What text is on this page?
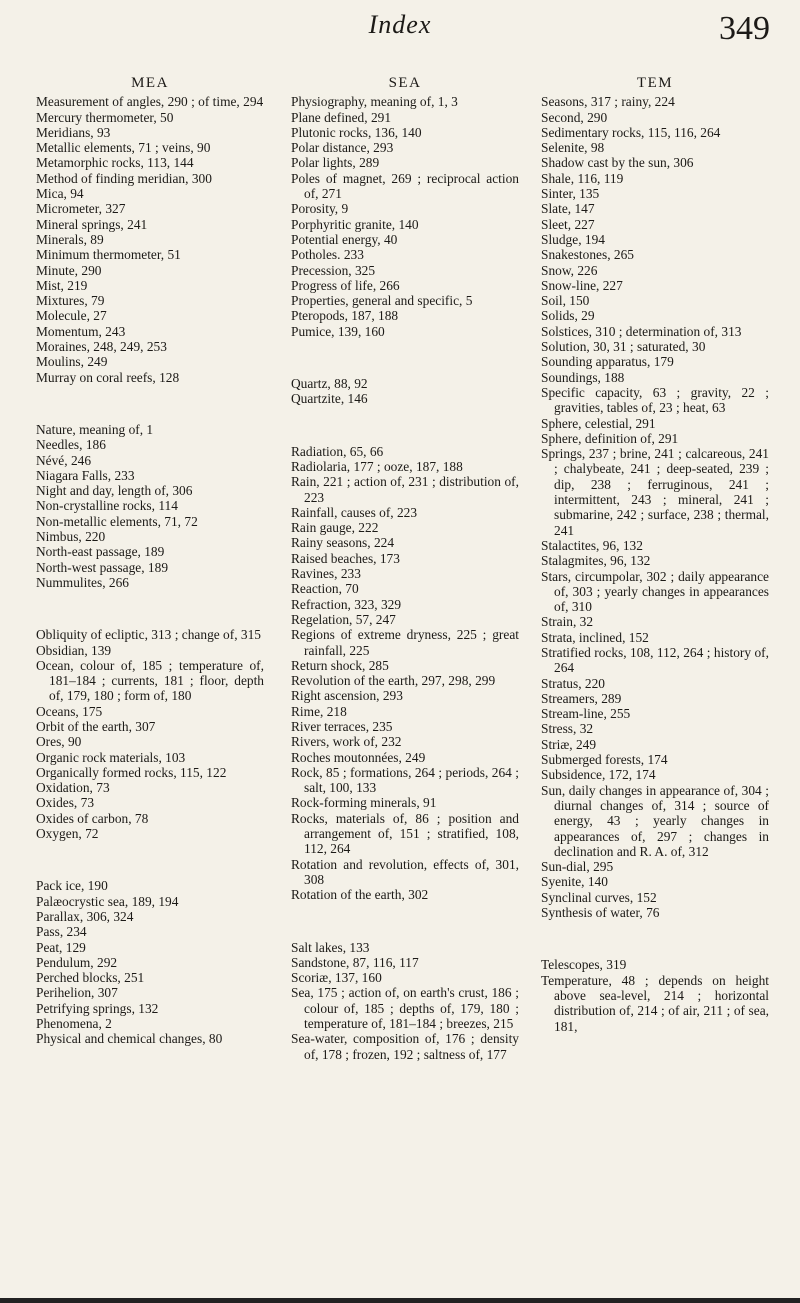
Index	349
MEA
Measurement of angles, 290 ; of time, 294
Mercury thermometer, 50
Meridians, 93
Metallic elements, 71 ; veins, 90
Metamorphic rocks, 113, 144
Method of finding meridian, 300
Mica, 94
Micrometer, 327
Mineral springs, 241
Minerals, 89
Minimum thermometer, 51
Minute, 290
Mist, 219
Mixtures, 79
Molecule, 27
Momentum, 243
Moraines, 248, 249, 253
Moulins, 249
Murray on coral reefs, 128
Nature, meaning of, 1
Needles, 186
Névé, 246
Niagara Falls, 233
Night and day, length of, 306
Non-crystalline rocks, 114
Non-metallic elements, 71, 72
Nimbus, 220
North-east passage, 189
North-west passage, 189
Nummulites, 266
Obliquity of ecliptic, 313 ; change of, 315
Obsidian, 139
Ocean, colour of, 185 ; temperature of, 181–184 ; currents, 181 ; floor, depth of, 179, 180 ; form of, 180
Oceans, 175
Orbit of the earth, 307
Ores, 90
Organic rock materials, 103
Organically formed rocks, 115, 122
Oxidation, 73
Oxides, 73
Oxides of carbon, 78
Oxygen, 72
Pack ice, 190
Palæocrystic sea, 189, 194
Parallax, 306, 324
Pass, 234
Peat, 129
Pendulum, 292
Perched blocks, 251
Perihelion, 307
Petrifying springs, 132
Phenomena, 2
Physical and chemical changes, 80
SEA
Physiography, meaning of, 1, 3
Plane defined, 291
Plutonic rocks, 136, 140
Polar distance, 293
Polar lights, 289
Poles of magnet, 269 ; reciprocal action of, 271
Porosity, 9
Porphyritic granite, 140
Potential energy, 40
Potholes. 233
Precession, 325
Progress of life, 266
Properties, general and specific, 5
Pteropods, 187, 188
Pumice, 139, 160
Quartz, 88, 92
Quartzite, 146
Radiation, 65, 66
Radiolaria, 177 ; ooze, 187, 188
Rain, 221 ; action of, 231 ; distribution of, 223
Rainfall, causes of, 223
Rain gauge, 222
Rainy seasons, 224
Raised beaches, 173
Ravines, 233
Reaction, 70
Refraction, 323, 329
Regelation, 57, 247
Regions of extreme dryness, 225 ; great rainfall, 225
Return shock, 285
Revolution of the earth, 297, 298, 299
Right ascension, 293
Rime, 218
River terraces, 235
Rivers, work of, 232
Roches moutonnées, 249
Rock, 85 ; formations, 264 ; periods, 264 ; salt, 100, 133
Rock-forming minerals, 91
Rocks, materials of, 86 ; position and arrangement of, 151 ; stratified, 108, 112, 264
Rotation and revolution, effects of, 301, 308
Rotation of the earth, 302
Salt lakes, 133
Sandstone, 87, 116, 117
Scoriæ, 137, 160
Sea, 175 ; action of, on earth's crust, 186 ; colour of, 185 ; depths of, 179, 180 ; temperature of, 181–184 ; breezes, 215
Sea-water, composition of, 176 ; density of, 178 ; frozen, 192 ; saltness of, 177
TEM
Seasons, 317 ; rainy, 224
Second, 290
Sedimentary rocks, 115, 116, 264
Selenite, 98
Shadow cast by the sun, 306
Shale, 116, 119
Sinter, 135
Slate, 147
Sleet, 227
Sludge, 194
Snakestones, 265
Snow, 226
Snow-line, 227
Soil, 150
Solids, 29
Solstices, 310 ; determination of, 313
Solution, 30, 31 ; saturated, 30
Sounding apparatus, 179
Soundings, 188
Specific capacity, 63 ; gravity, 22 ; gravities, tables of, 23 ; heat, 63
Sphere, celestial, 291
Sphere, definition of, 291
Springs, 237 ; brine, 241 ; calcareous, 241 ; chalybeate, 241 ; deep-seated, 239 ; dip, 238 ; ferruginous, 241 ; intermittent, 243 ; mineral, 241 ; submarine, 242 ; surface, 238 ; thermal, 241
Stalactites, 96, 132
Stalagmites, 96, 132
Stars, circumpolar, 302 ; daily appearance of, 303 ; yearly changes in appearances of, 310
Strain, 32
Strata, inclined, 152
Stratified rocks, 108, 112, 264 ; history of, 264
Stratus, 220
Streamers, 289
Stream-line, 255
Stress, 32
Striæ, 249
Submerged forests, 174
Subsidence, 172, 174
Sun, daily changes in appearance of, 304 ; diurnal changes of, 314 ; source of energy, 43 ; yearly changes in appearances of, 297 ; changes in declination and R. A. of, 312
Sun-dial, 295
Syenite, 140
Synclinal curves, 152
Synthesis of water, 76
Telescopes, 319
Temperature, 48 ; depends on height above sea-level, 214 ; horizontal distribution of, 214 ; of air, 211 ; of sea, 181,
